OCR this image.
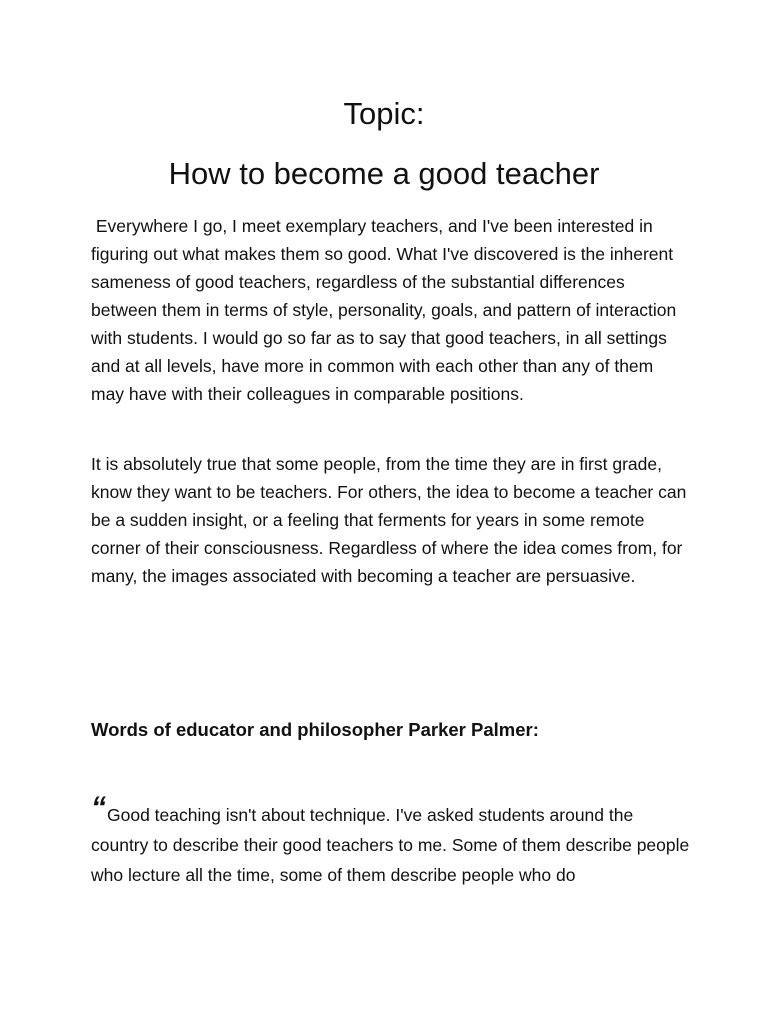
Topic:
How to become a good teacher

Everywhere I go, I meet exemplary teachers, and I've been interested in figuring out what makes them so good. What I've discovered is the inherent sameness of good teachers, regardless of the substantial differences between them in terms of style, personality, goals, and pattern of interaction with students. I would go so far as to say that good teachers, in all settings and at all levels, have more in common with each other than any of them may have with their colleagues in comparable positions.

It is absolutely true that some people, from the time they are in first grade, know they want to be teachers. For others, the idea to become a teacher can be a sudden insight, or a feeling that ferments for years in some remote corner of their consciousness. Regardless of where the idea comes from, for many, the images associated with becoming a teacher are persuasive.

Words of educator and philosopher Parker Palmer:

“Good teaching isn't about technique. I've asked students around the country to describe their good teachers to me. Some of them describe people who lecture all the time, some of them describe people who do
